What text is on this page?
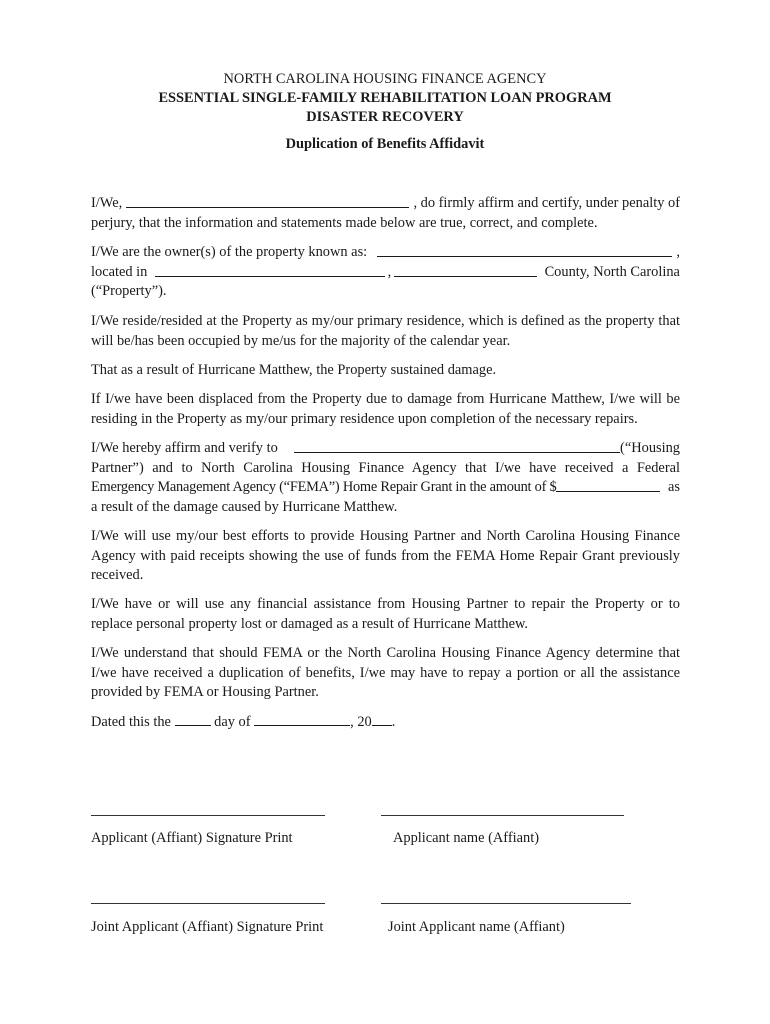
NORTH CAROLINA HOUSING FINANCE AGENCY
ESSENTIAL SINGLE-FAMILY REHABILITATION LOAN PROGRAM
DISASTER RECOVERY
Duplication of Benefits Affidavit
I/We,	, do firmly affirm and certify, under penalty of
perjury, that the information and statements made below are true, correct, and complete.
I/We are the owner(s) of the property known as:	,
located in	,	County, North Carolina
(“Property”).
I/We reside/resided at the Property as my/our primary residence, which is defined as the property that will be/has been occupied by me/us for the majority of the calendar year.
That as a result of Hurricane Matthew, the Property sustained damage.
If I/we have been displaced from the Property due to damage from Hurricane Matthew, I/we will be residing in the Property as my/our primary residence upon completion of the necessary repairs.
I/We hereby affirm and verify to	(“Housing
Partner”) and to North Carolina Housing Finance Agency that I/we have received a Federal
Emergency Management Agency (“FEMA”) Home Repair Grant in the amount of $	as
a result of the damage caused by Hurricane Matthew.
I/We will use my/our best efforts to provide Housing Partner and North Carolina Housing Finance Agency with paid receipts showing the use of funds from the FEMA Home Repair Grant previously received.
I/We have or will use any financial assistance from Housing Partner to repair the Property or to replace personal property lost or damaged as a result of Hurricane Matthew.
I/We understand that should FEMA or the North Carolina Housing Finance Agency determine that I/we have received a duplication of benefits, I/we may have to repay a portion or all the assistance provided by FEMA or Housing Partner.
Dated this the	day of	, 20 .
Applicant (Affiant) Signature Print	Applicant name (Affiant)
Joint Applicant (Affiant) Signature Print	Joint Applicant name (Affiant)
